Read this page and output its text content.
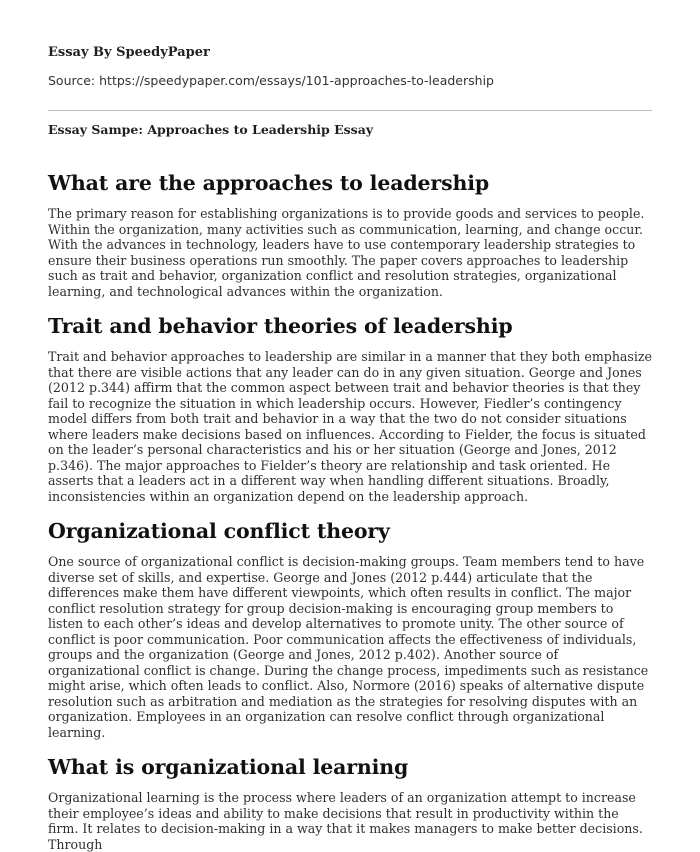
Essay By SpeedyPaper
Source: https://speedypaper.com/essays/101-approaches-to-leadership
Essay Sampe: Approaches to Leadership Essay
What are the approaches to leadership

The primary reason for establishing organizations is to provide goods and services to people. Within the organization, many activities such as communication, learning, and change occur. With the advances in technology, leaders have to use contemporary leadership strategies to ensure their business operations run smoothly. The paper covers approaches to leadership such as trait and behavior, organization conflict and resolution strategies, organizational learning, and technological advances within the organization.

Trait and behavior theories of leadership

Trait and behavior approaches to leadership are similar in a manner that they both emphasize that there are visible actions that any leader can do in any given situation. George and Jones (2012 p.344) affirm that the common aspect between trait and behavior theories is that they fail to recognize the situation in which leadership occurs. However, Fiedler’s contingency model differs from both trait and behavior in a way that the two do not consider situations where leaders make decisions based on influences. According to Fielder, the focus is situated on the leader’s personal characteristics and his or her situation (George and Jones, 2012 p.346). The major approaches to Fielder’s theory are relationship and task oriented. He asserts that a leaders act in a different way when handling different situations. Broadly, inconsistencies within an organization depend on the leadership approach.

Organizational conflict theory

One source of organizational conflict is decision-making groups. Team members tend to have diverse set of skills, and expertise. George and Jones (2012 p.444) articulate that the differences make them have different viewpoints, which often results in conflict. The major conflict resolution strategy for group decision-making is encouraging group members to listen to each other’s ideas and develop alternatives to promote unity. The other source of conflict is poor communication. Poor communication affects the effectiveness of individuals, groups and the organization (George and Jones, 2012 p.402). Another source of organizational conflict is change. During the change process, impediments such as resistance might arise, which often leads to conflict. Also, Normore (2016) speaks of alternative dispute resolution such as arbitration and mediation as the strategies for resolving disputes with an organization. Employees in an organization can resolve conflict through organizational learning.

What is organizational learning

Organizational learning is the process where leaders of an organization attempt to increase their employee’s ideas and ability to make decisions that result in productivity within the firm. It relates to decision-making in a way that it makes managers to make better decisions. Through
